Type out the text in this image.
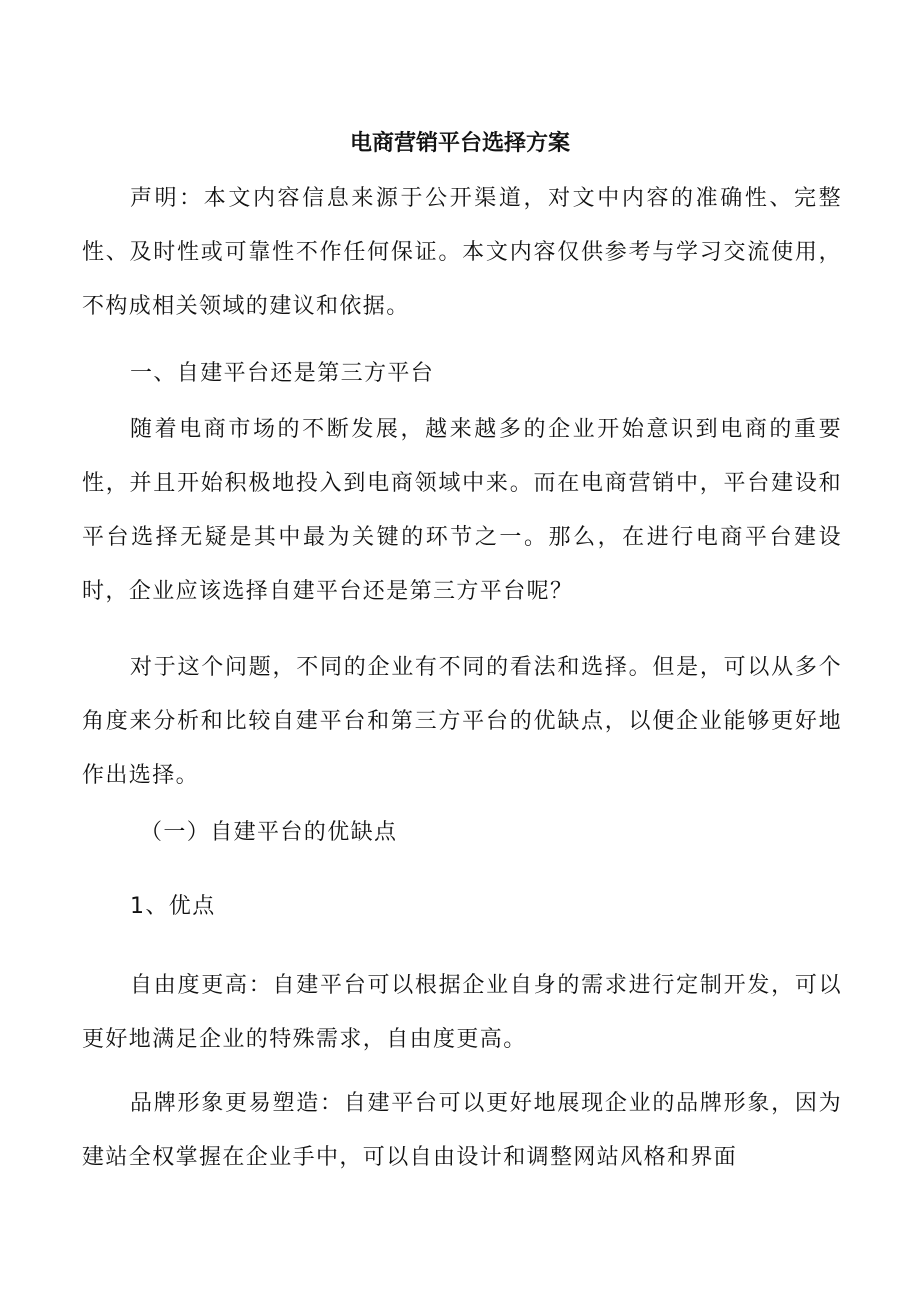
电商营销平台选择方案
声明：本文内容信息来源于公开渠道，对文中内容的准确性、完整性、及时性或可靠性不作任何保证。本文内容仅供参考与学习交流使用，不构成相关领域的建议和依据。
一、自建平台还是第三方平台
随着电商市场的不断发展，越来越多的企业开始意识到电商的重要性，并且开始积极地投入到电商领域中来。而在电商营销中，平台建设和平台选择无疑是其中最为关键的环节之一。那么，在进行电商平台建设时，企业应该选择自建平台还是第三方平台呢？
对于这个问题，不同的企业有不同的看法和选择。但是，可以从多个角度来分析和比较自建平台和第三方平台的优缺点，以便企业能够更好地作出选择。
（一）自建平台的优缺点
1、优点
自由度更高：自建平台可以根据企业自身的需求进行定制开发，可以更好地满足企业的特殊需求，自由度更高。
品牌形象更易塑造：自建平台可以更好地展现企业的品牌形象，因为建站全权掌握在企业手中，可以自由设计和调整网站风格和界面
